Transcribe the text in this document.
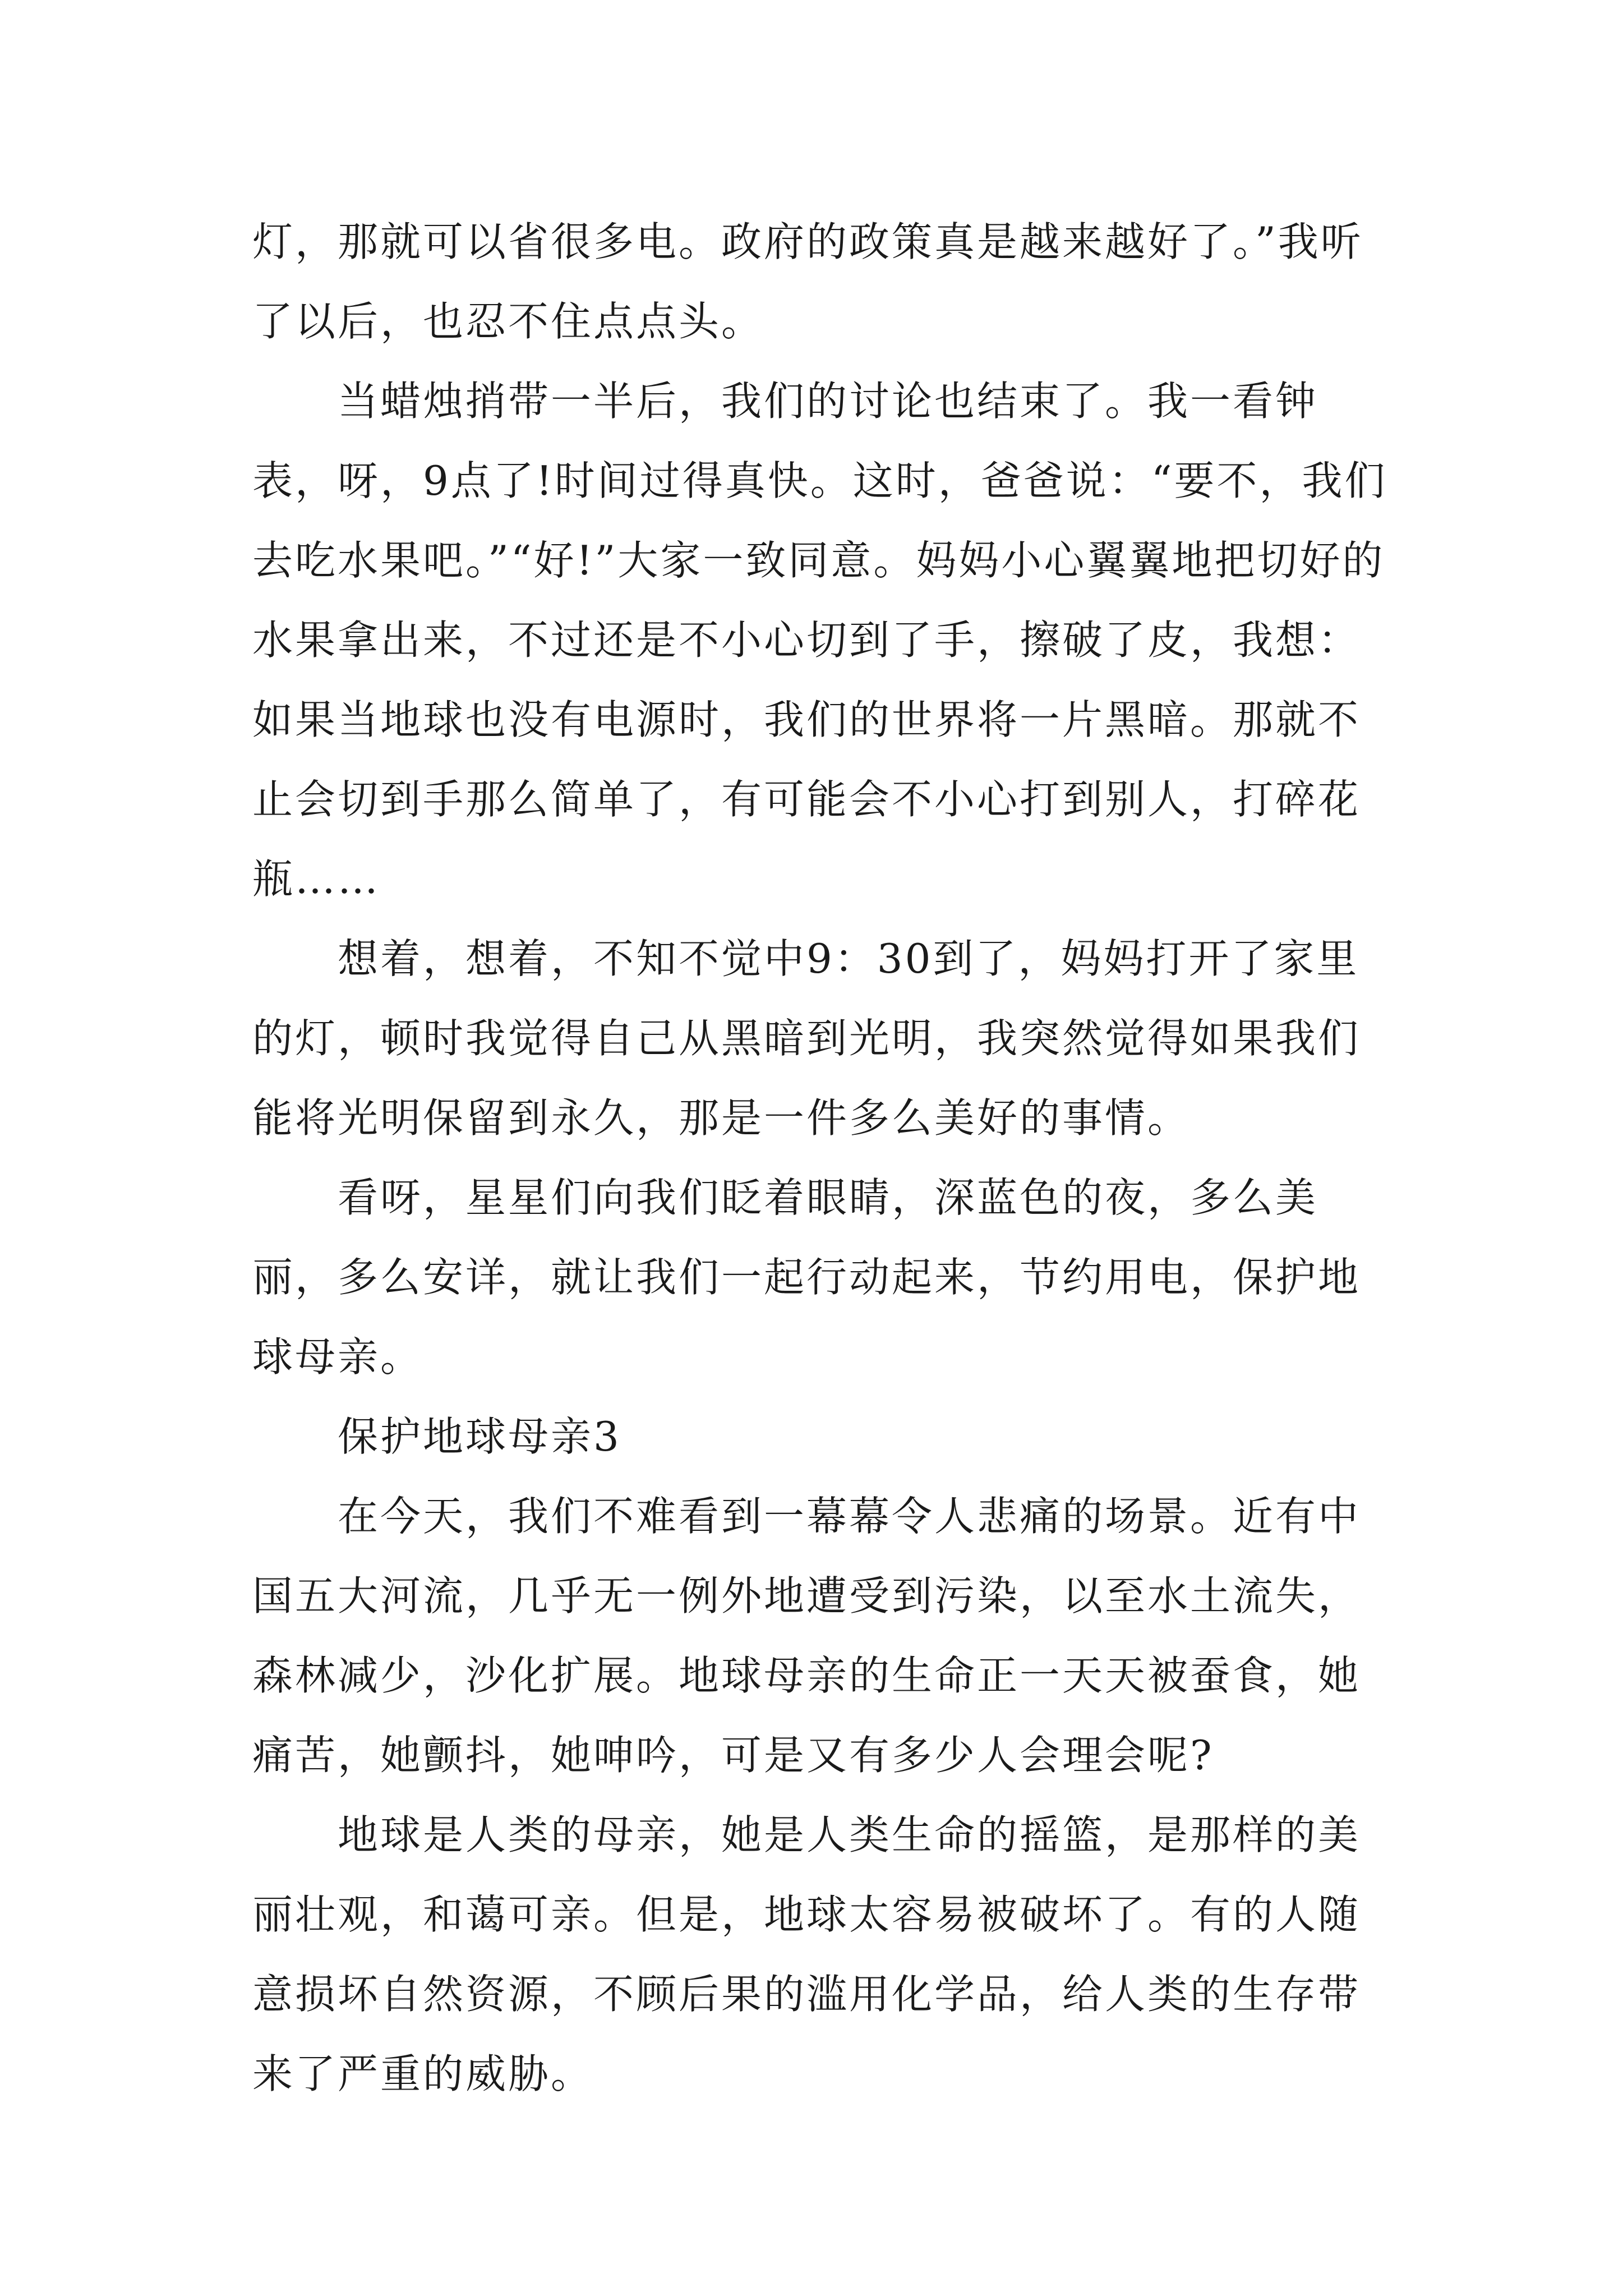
灯，那就可以省很多电。政府的政策真是越来越好了。”我听了以后，也忍不住点点头。

当蜡烛捎带一半后，我们的讨论也结束了。我一看钟表，呀，9点了!时间过得真快。这时，爸爸说：“要不，我们去吃水果吧。”“好!”大家一致同意。妈妈小心翼翼地把切好的水果拿出来，不过还是不小心切到了手，擦破了皮，我想：如果当地球也没有电源时，我们的世界将一片黑暗。那就不止会切到手那么简单了，有可能会不小心打到别人，打碎花瓶……

想着，想着，不知不觉中9：30到了，妈妈打开了家里的灯，顿时我觉得自己从黑暗到光明，我突然觉得如果我们能将光明保留到永久，那是一件多么美好的事情。

看呀，星星们向我们眨着眼睛，深蓝色的夜，多么美丽，多么安详，就让我们一起行动起来，节约用电，保护地球母亲。

保护地球母亲3

在今天，我们不难看到一幕幕令人悲痛的场景。近有中国五大河流，几乎无一例外地遭受到污染，以至水土流失，森林减少，沙化扩展。地球母亲的生命正一天天被蚕食，她痛苦，她颤抖，她呻吟，可是又有多少人会理会呢?

地球是人类的母亲，她是人类生命的摇篮，是那样的美丽壮观，和蔼可亲。但是，地球太容易被破坏了。有的人随意损坏自然资源，不顾后果的滥用化学品，给人类的生存带来了严重的威胁。
